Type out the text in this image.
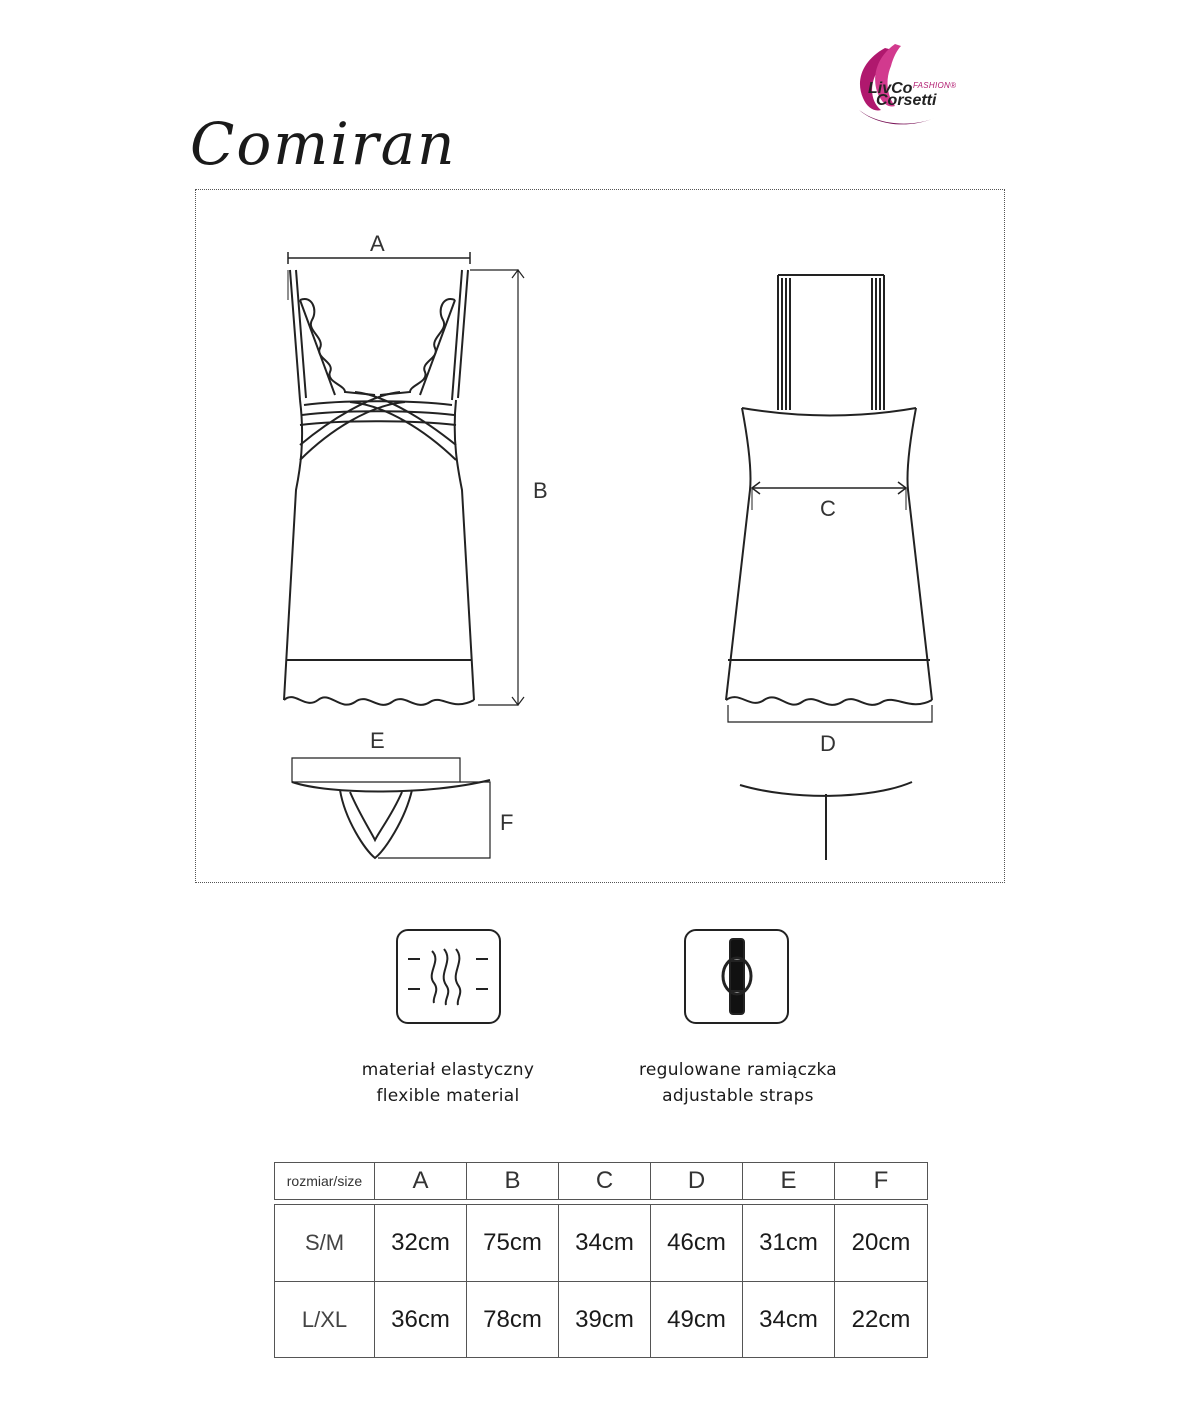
LivCo FASHION®
Corsetti
Comiran
A
B
C
D
E
F
materiał elastyczny
flexible material
regulowane ramiączka
adjustable straps
rozmiar/size	A	B	C	D	E	F
S/M	32cm	75cm	34cm	46cm	31cm	20cm
L/XL	36cm	78cm	39cm	49cm	34cm	22cm
